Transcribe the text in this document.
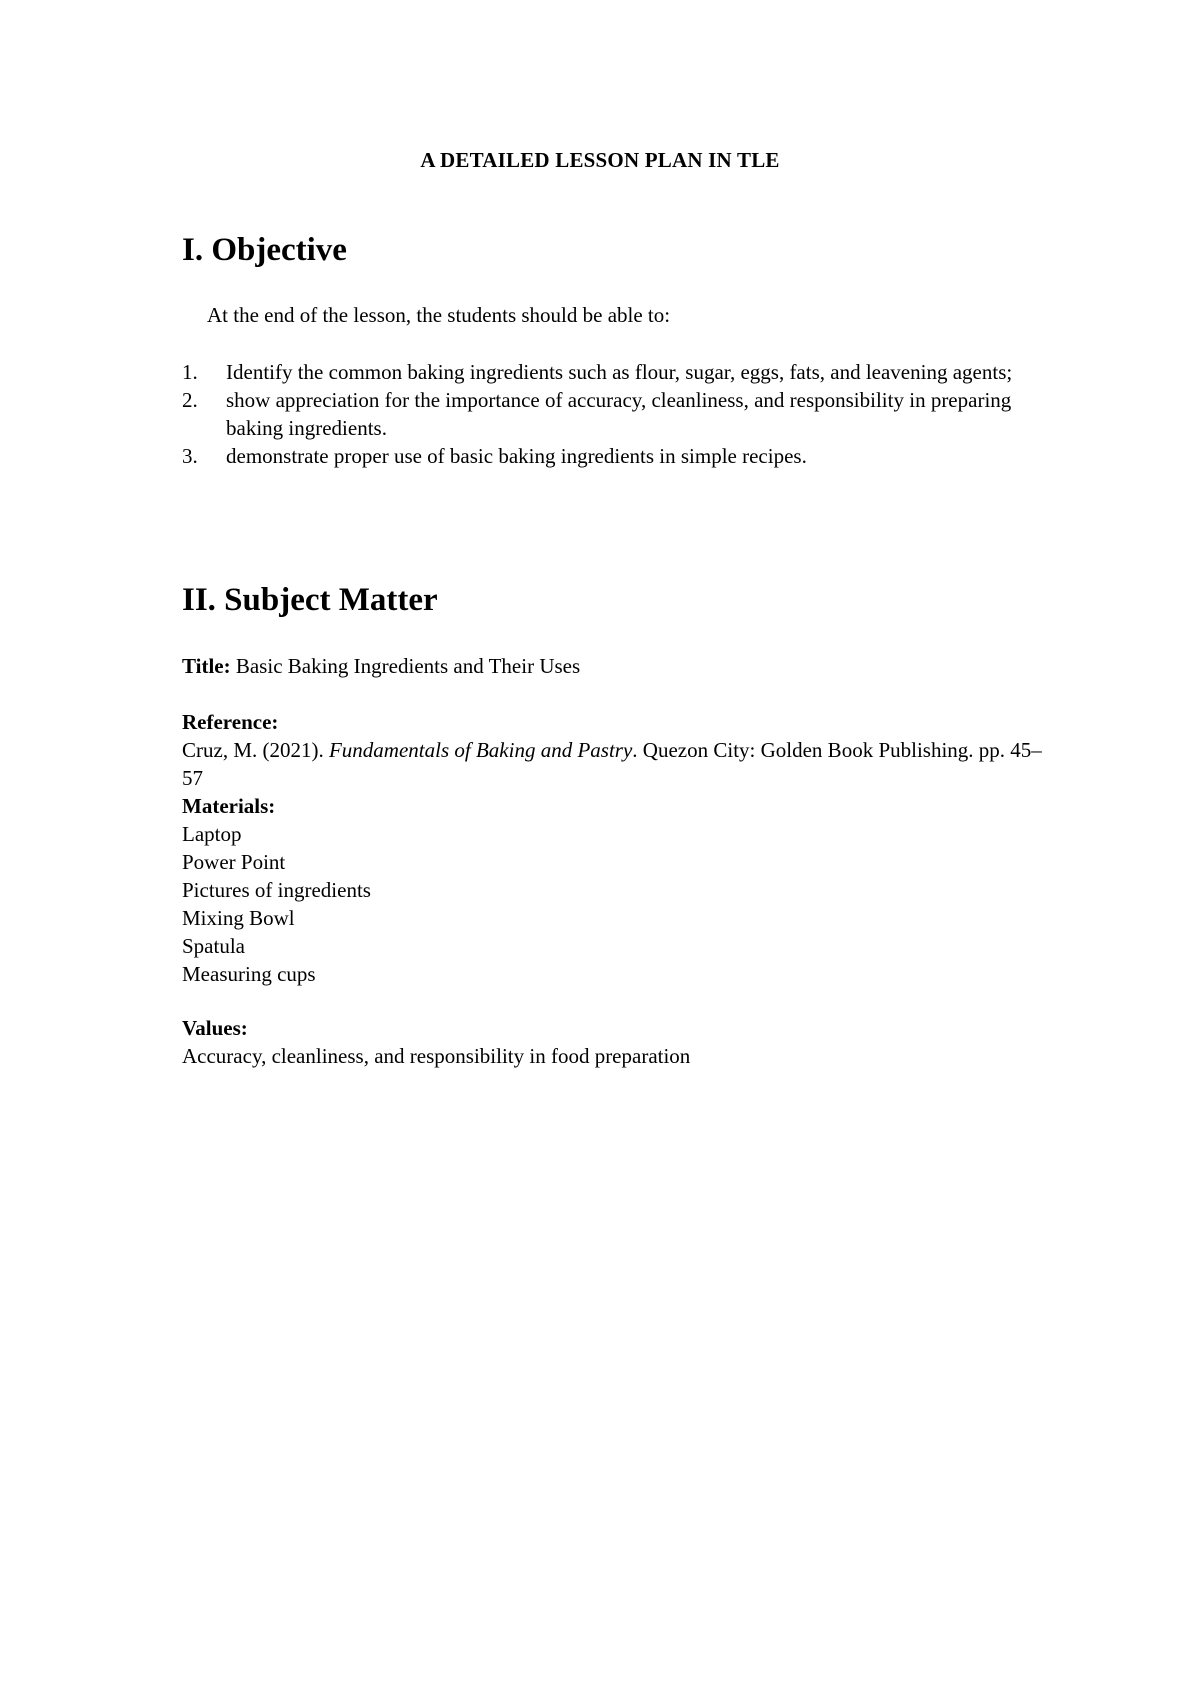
A DETAILED LESSON PLAN IN TLE
I. Objective
At the end of the lesson, the students should be able to:
1. Identify the common baking ingredients such as flour, sugar, eggs, fats, and leavening agents;
2. show appreciation for the importance of accuracy, cleanliness, and responsibility in preparing baking ingredients.
3. demonstrate proper use of basic baking ingredients in simple recipes.
II. Subject Matter
Title: Basic Baking Ingredients and Their Uses
Reference:
Cruz, M. (2021). Fundamentals of Baking and Pastry. Quezon City: Golden Book Publishing. pp. 45–57
Materials:
Laptop
Power Point
Pictures of ingredients
Mixing Bowl
Spatula
Measuring cups
Values:
Accuracy, cleanliness, and responsibility in food preparation
